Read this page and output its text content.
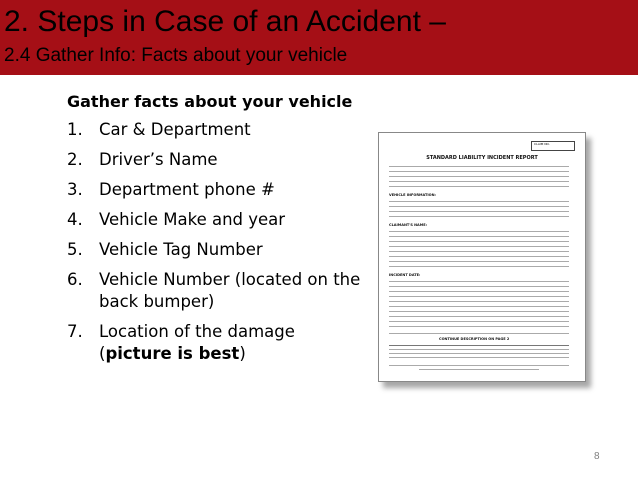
2. Steps in Case of an Accident –
2.4 Gather Info: Facts about your vehicle
Gather facts about your vehicle
1. Car & Department
2. Driver’s Name
3. Department phone #
4. Vehicle Make and year
5. Vehicle Tag Number
6. Vehicle Number (located on the back bumper)
7. Location of the damage (picture is best)
CLAIM NO.
STANDARD LIABILITY INCIDENT REPORT
VEHICLE INFORMATION:
CLAIMANT'S NAME:
INCIDENT DATE:
CONTINUE DESCRIPTION ON PAGE 2
8
